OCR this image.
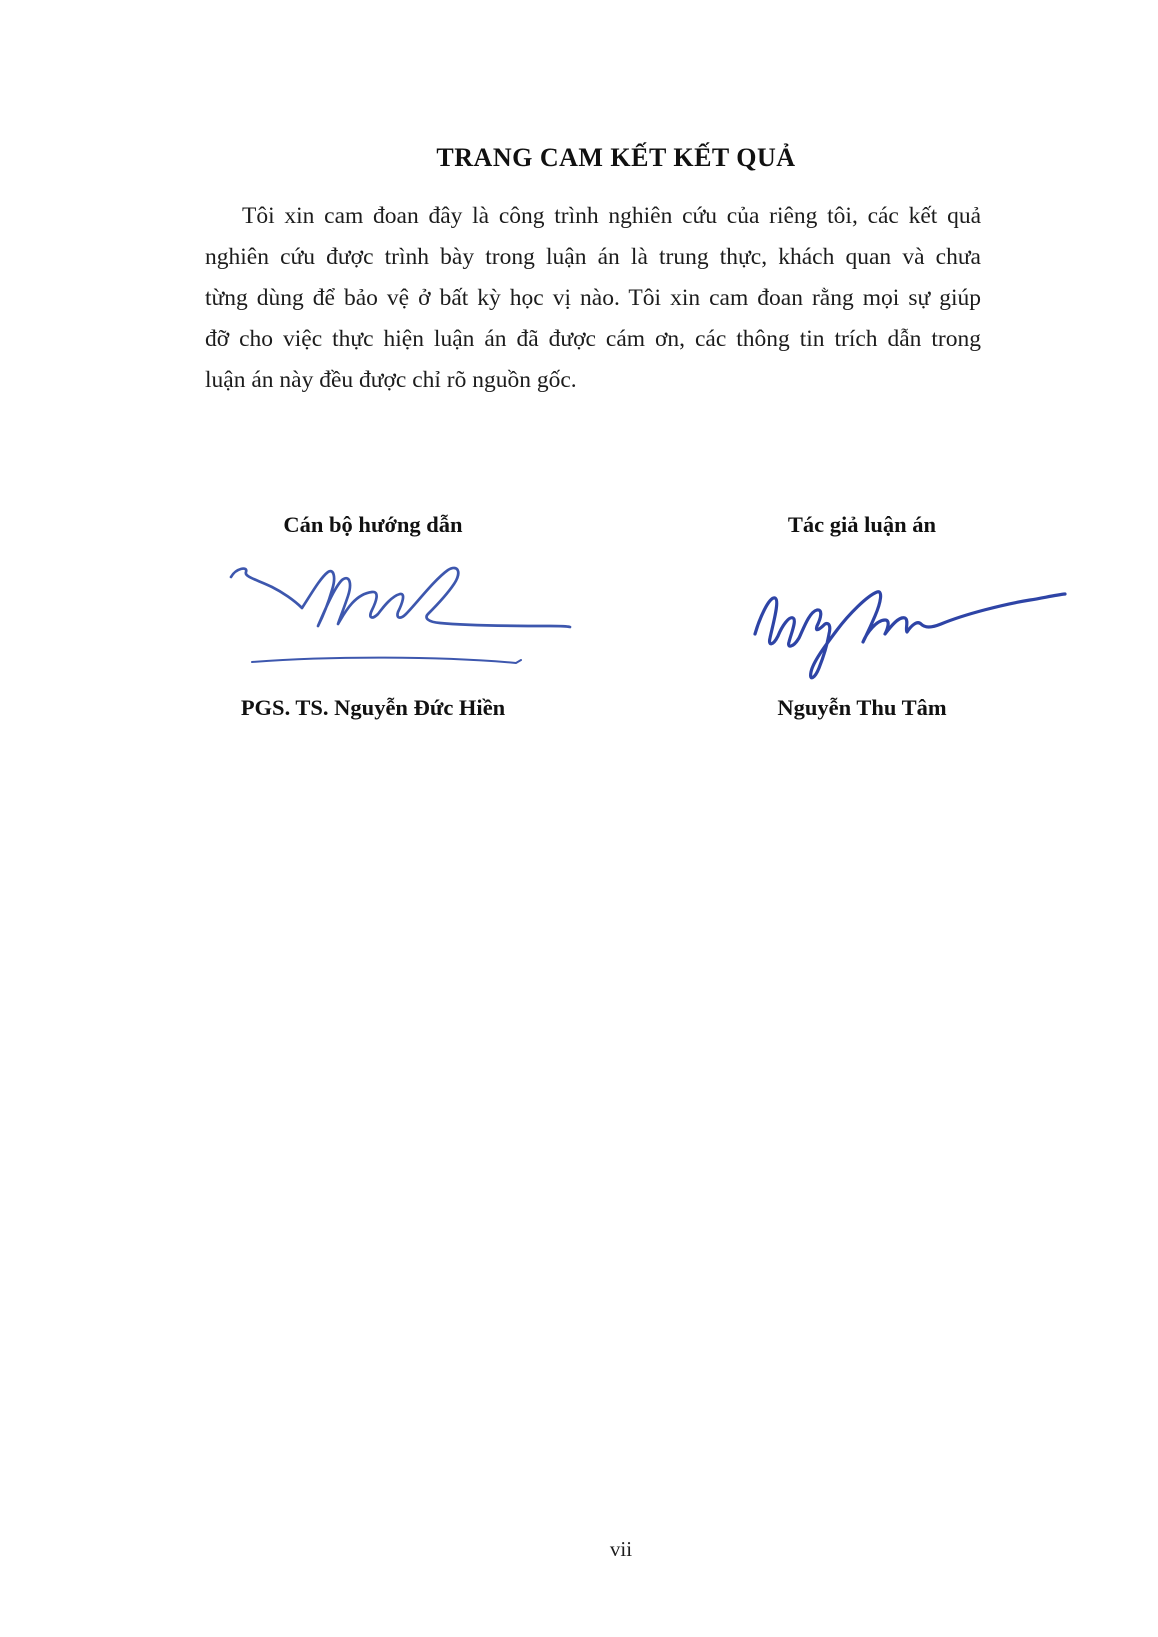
TRANG CAM KẾT KẾT QUẢ
Tôi xin cam đoan đây là công trình nghiên cứu của riêng tôi, các kết quả
nghiên cứu được trình bày trong luận án là trung thực, khách quan và chưa
từng dùng để bảo vệ ở bất kỳ học vị nào. Tôi xin cam đoan rằng mọi sự giúp
đỡ cho việc thực hiện luận án đã được cám ơn, các thông tin trích dẫn trong
luận án này đều được chỉ rõ nguồn gốc.
Cán bộ hướng dẫn	Tác giả luận án
PGS. TS. Nguyễn Đức Hiền	Nguyễn Thu Tâm
vii
